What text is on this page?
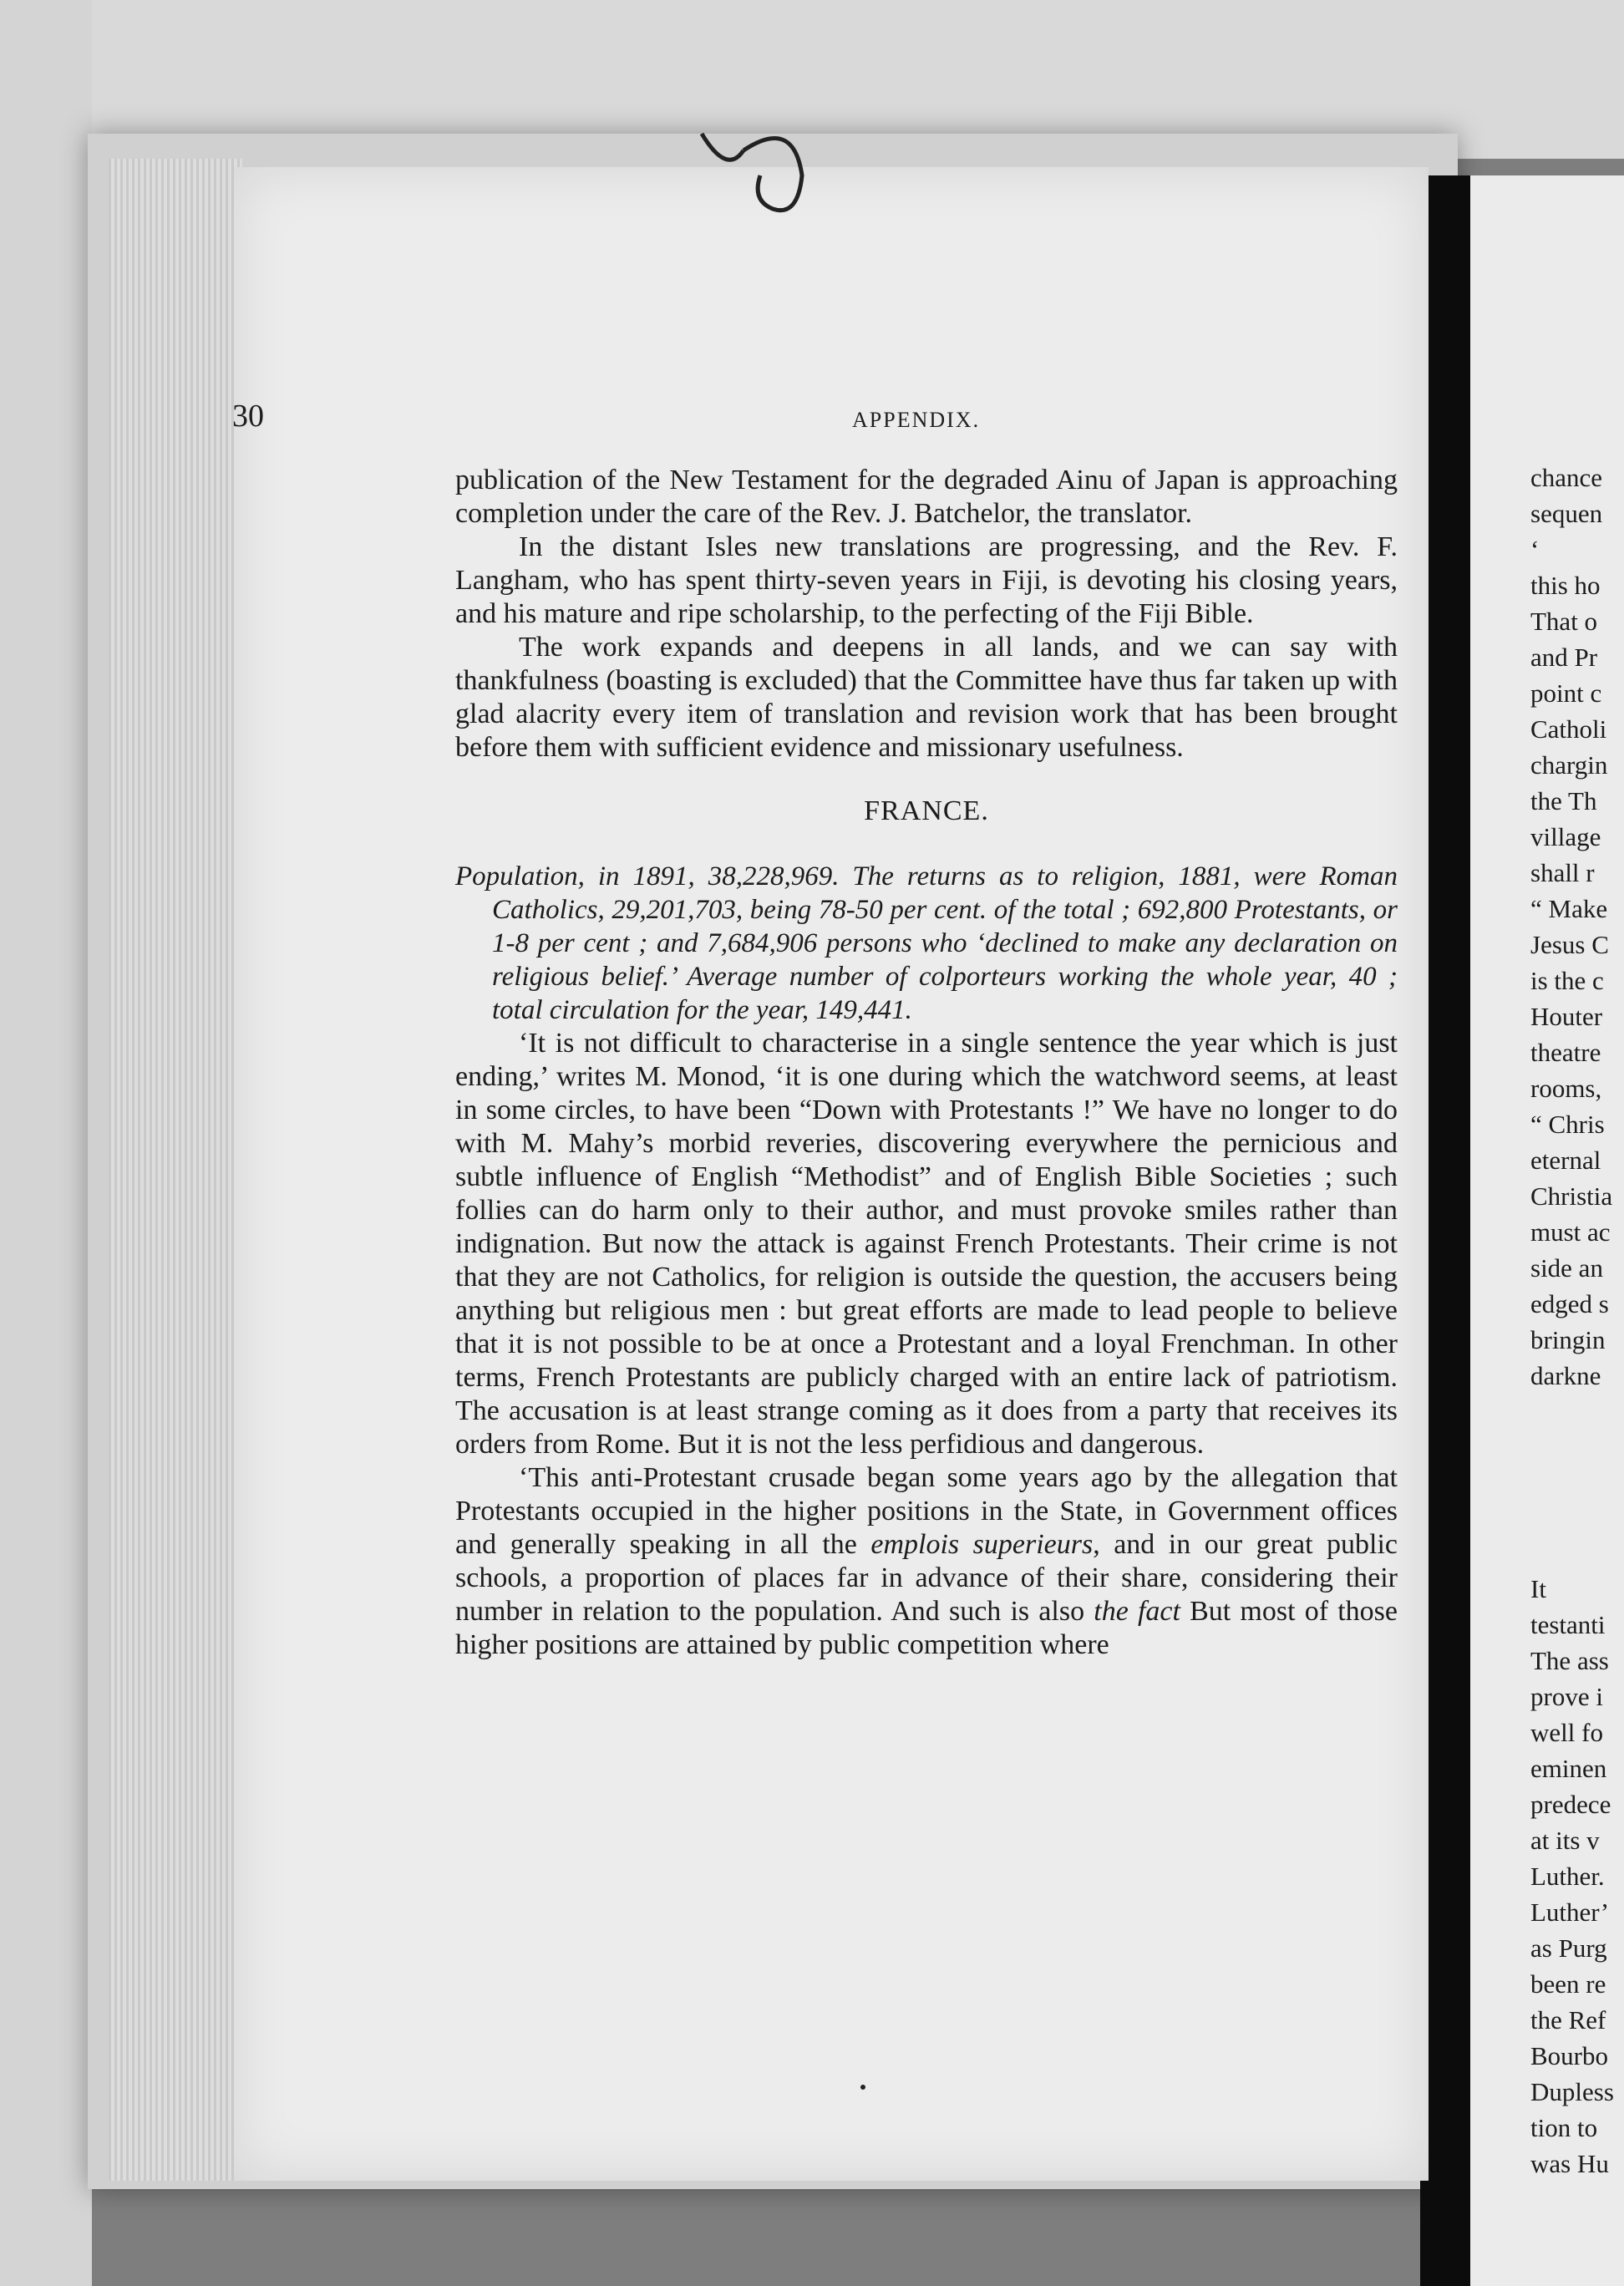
chance
sequen
‘
this ho
That o
and Pr
point c
Catholi
chargin
the Th
village
shall r
“ Make
Jesus C
is the c
Houter
theatre
rooms,
“ Chris
eternal
Christia
must ac
side an
edged s
bringin
darkne
It
testanti
The ass
prove i
well fo
eminen
predece
at its v
Luther.
Luther’
as Purg
been re
the Ref
Bourbo
Dupless
tion to
was Hu
30	APPENDIX.

publication of the New Testament for the degraded Ainu of Japan is approaching completion under the care of the Rev. J. Batchelor, the translator.

In the distant Isles new translations are progressing, and the Rev. F. Langham, who has spent thirty-seven years in Fiji, is devoting his closing years, and his mature and ripe scholarship, to the perfecting of the Fiji Bible.

The work expands and deepens in all lands, and we can say with thankfulness (boasting is excluded) that the Committee have thus far taken up with glad alacrity every item of translation and revision work that has been brought before them with sufficient evidence and missionary usefulness.

FRANCE.

Population, in 1891, 38,228,969. The returns as to religion, 1881, were Roman Catholics, 29,201,703, being 78-50 per cent. of the total ; 692,800 Protestants, or 1-8 per cent ; and 7,684,906 persons who ‘declined to make any declaration on religious belief.’ Average number of colporteurs working the whole year, 40 ; total circulation for the year, 149,441.

‘It is not difficult to characterise in a single sentence the year which is just ending,’ writes M. Monod, ‘it is one during which the watchword seems, at least in some circles, to have been “Down with Protestants !” We have no longer to do with M. Mahy’s morbid reveries, discovering everywhere the pernicious and subtle influence of English “Methodist” and of English Bible Societies ; such follies can do harm only to their author, and must provoke smiles rather than indignation. But now the attack is against French Protestants. Their crime is not that they are not Catholics, for religion is outside the question, the accusers being anything but religious men : but great efforts are made to lead people to believe that it is not possible to be at once a Protestant and a loyal Frenchman. In other terms, French Protestants are publicly charged with an entire lack of patriotism. The accusation is at least strange coming as it does from a party that receives its orders from Rome. But it is not the less perfidious and dangerous.

‘This anti-Protestant crusade began some years ago by the allegation that Protestants occupied in the higher positions in the State, in Government offices and generally speaking in all the emplois superieurs, and in our great public schools, a proportion of places far in advance of their share, considering their number in relation to the population. And such is also the fact But most of those higher positions are attained by public competition where
